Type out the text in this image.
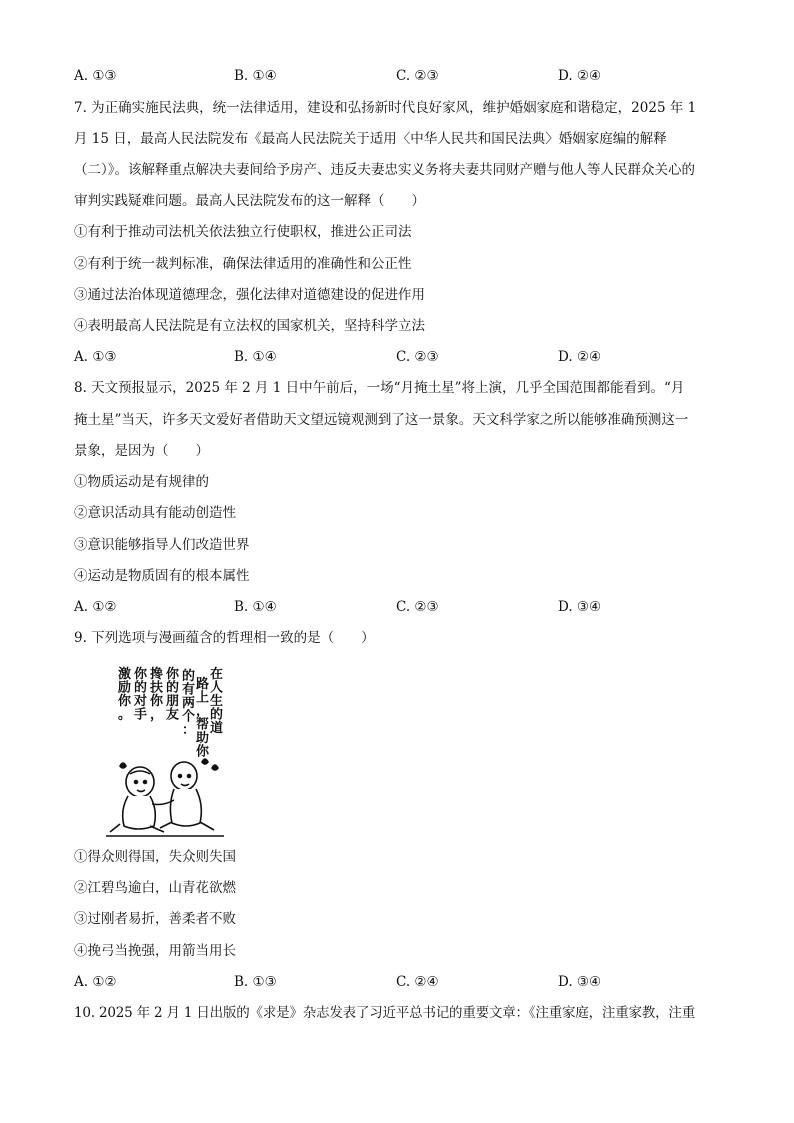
A. ①③	B. ①④	C. ②③	D. ②④
7. 为正确实施民法典，统一法律适用，建设和弘扬新时代良好家风，维护婚姻家庭和谐稳定，2025 年 1
月 15 日，最高人民法院发布《最高人民法院关于适用〈中华人民共和国民法典〉婚姻家庭编的解释
（二）》。该解释重点解决夫妻间给予房产、违反夫妻忠实义务将夫妻共同财产赠与他人等人民群众关心的
审判实践疑难问题。最高人民法院发布的这一解释（　　）
①有利于推动司法机关依法独立行使职权，推进公正司法
②有利于统一裁判标准，确保法律适用的准确性和公正性
③通过法治体现道德理念，强化法律对道德建设的促进作用
④表明最高人民法院是有立法权的国家机关，坚持科学立法
A. ①③	B. ①④	C. ②③	D. ②④
8. 天文预报显示，2025 年 2 月 1 日中午前后，一场“月掩土星”将上演，几乎全国范围都能看到。“月
掩土星”当天，许多天文爱好者借助天文望远镜观测到了这一景象。天文科学家之所以能够准确预测这一
景象，是因为（　　）
①物质运动是有规律的
②意识活动具有能动创造性
③意识能够指导人们改造世界
④运动是物质固有的根本属性
A. ①②	B. ①④	C. ②③	D. ③④
9. 下列选项与漫画蕴含的哲理相一致的是（　　）
在人生的道
路上，帮助你
的有两个：
你的朋友
搀扶你，
你的对手
激励你。
①得众则得国，失众则失国
②江碧鸟逾白，山青花欲燃
③过刚者易折，善柔者不败
④挽弓当挽强，用箭当用长
A. ①②	B. ①③	C. ②④	D. ③④
10. 2025 年 2 月 1 日出版的《求是》杂志发表了习近平总书记的重要文章：《注重家庭，注重家教，注重
